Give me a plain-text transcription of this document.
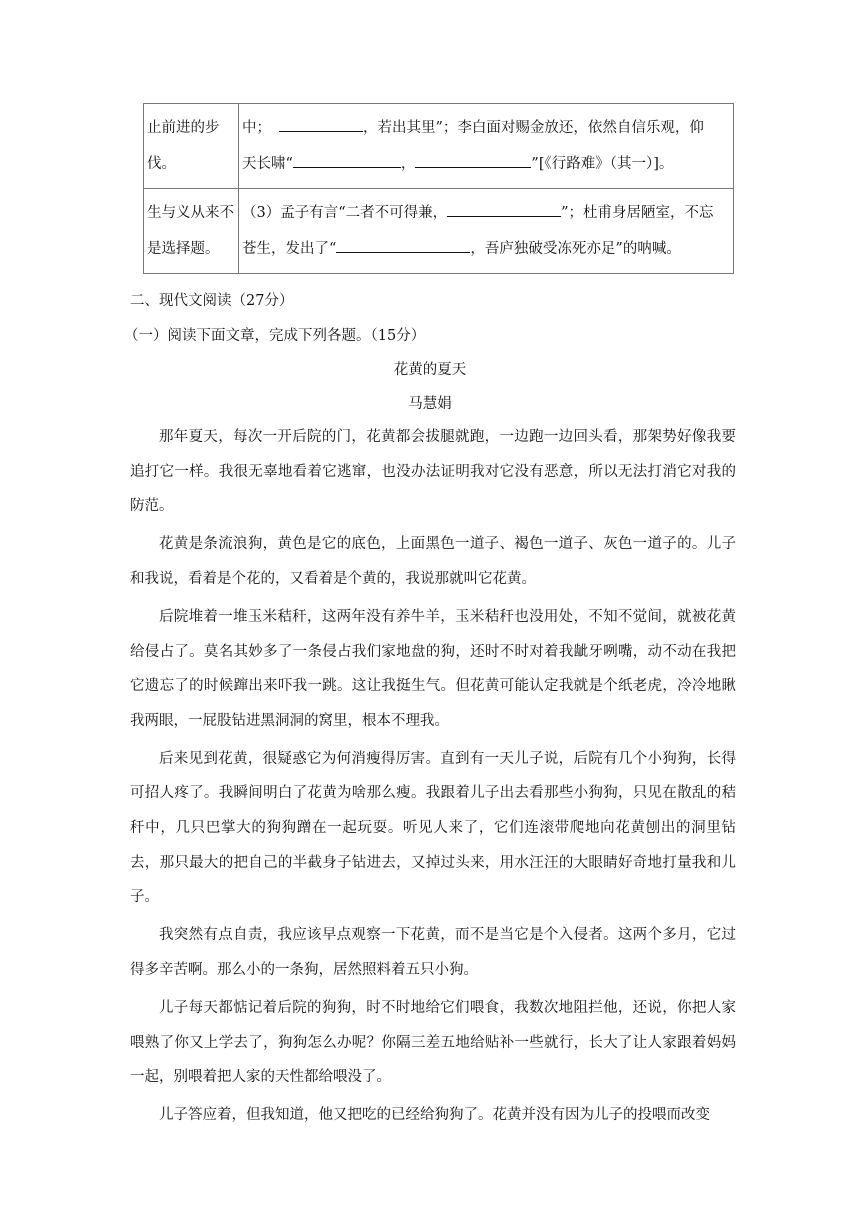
止前进的步伐。	中； ，若出其里”；李白面对赐金放还，依然自信乐观，仰
天长啸“ ， ”[《行路难》（其一）]。
生与义从来不是选择题。	（3）孟子有言“二者不可得兼， ”；杜甫身居陋室，不忘
苍生，发出了“ ，吾庐独破受冻死亦足”的呐喊。
二、现代文阅读（27分）
（一）阅读下面文章，完成下列各题。（15分）
花黄的夏天
马慧娟

那年夏天，每次一开后院的门，花黄都会拔腿就跑，一边跑一边回头看，那架势好像我要追打它一样。我很无辜地看着它逃窜，也没办法证明我对它没有恶意，所以无法打消它对我的防范。

花黄是条流浪狗，黄色是它的底色，上面黑色一道子、褐色一道子、灰色一道子的。儿子和我说，看着是个花的，又看着是个黄的，我说那就叫它花黄。

后院堆着一堆玉米秸秆，这两年没有养牛羊，玉米秸秆也没用处，不知不觉间，就被花黄给侵占了。莫名其妙多了一条侵占我们家地盘的狗，还时不时对着我龇牙咧嘴，动不动在我把它遗忘了的时候蹿出来吓我一跳。这让我挺生气。但花黄可能认定我就是个纸老虎，冷冷地瞅我两眼，一屁股钻进黑洞洞的窝里，根本不理我。

后来见到花黄，很疑惑它为何消瘦得厉害。直到有一天儿子说，后院有几个小狗狗，长得可招人疼了。我瞬间明白了花黄为啥那么瘦。我跟着儿子出去看那些小狗狗，只见在散乱的秸秆中，几只巴掌大的狗狗蹭在一起玩耍。听见人来了，它们连滚带爬地向花黄刨出的洞里钻去，那只最大的把自己的半截身子钻进去，又掉过头来，用水汪汪的大眼睛好奇地打量我和儿子。

我突然有点自责，我应该早点观察一下花黄，而不是当它是个入侵者。这两个多月，它过得多辛苦啊。那么小的一条狗，居然照料着五只小狗。

儿子每天都惦记着后院的狗狗，时不时地给它们喂食，我数次地阻拦他，还说，你把人家喂熟了你又上学去了，狗狗怎么办呢？你隔三差五地给贴补一些就行，长大了让人家跟着妈妈一起，别喂着把人家的天性都给喂没了。

儿子答应着，但我知道，他又把吃的已经给狗狗了。花黄并没有因为儿子的投喂而改变
